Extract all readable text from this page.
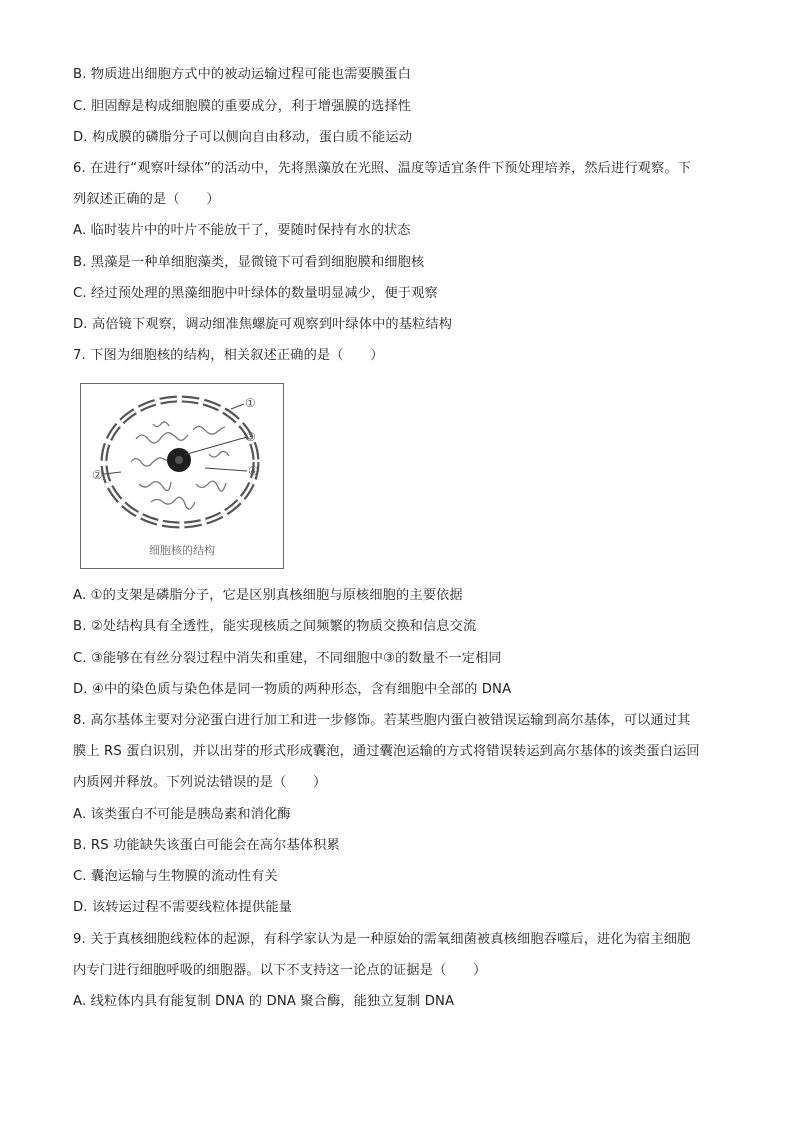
B. 物质进出细胞方式中的被动运输过程可能也需要膜蛋白
C. 胆固醇是构成细胞膜的重要成分，利于增强膜的选择性
D. 构成膜的磷脂分子可以侧向自由移动，蛋白质不能运动
6. 在进行“观察叶绿体”的活动中，先将黑藻放在光照、温度等适宜条件下预处理培养，然后进行观察。下
列叙述正确的是（　　）
A. 临时装片中的叶片不能放干了，要随时保持有水的状态
B. 黑藻是一种单细胞藻类，显微镜下可看到细胞膜和细胞核
C. 经过预处理的黑藻细胞中叶绿体的数量明显减少，便于观察
D. 高倍镜下观察，调动细准焦螺旋可观察到叶绿体中的基粒结构
7. 下图为细胞核的结构，相关叙述正确的是（　　）
①
③
④
②
细胞核的结构
A. ①的支架是磷脂分子，它是区别真核细胞与原核细胞的主要依据
B. ②处结构具有全透性，能实现核质之间频繁的物质交换和信息交流
C. ③能够在有丝分裂过程中消失和重建，不同细胞中③的数量不一定相同
D. ④中的染色质与染色体是同一物质的两种形态，含有细胞中全部的 DNA
8. 高尔基体主要对分泌蛋白进行加工和进一步修饰。若某些胞内蛋白被错误运输到高尔基体，可以通过其
膜上 RS 蛋白识别，并以出芽的形式形成囊泡，通过囊泡运输的方式将错误转运到高尔基体的该类蛋白运回
内质网并释放。下列说法错误的是（　　）
A. 该类蛋白不可能是胰岛素和消化酶
B. RS 功能缺失该蛋白可能会在高尔基体积累
C. 囊泡运输与生物膜的流动性有关
D. 该转运过程不需要线粒体提供能量
9. 关于真核细胞线粒体的起源，有科学家认为是一种原始的需氧细菌被真核细胞吞噬后，进化为宿主细胞
内专门进行细胞呼吸的细胞器。以下不支持这一论点的证据是（　　）
A. 线粒体内具有能复制 DNA 的 DNA 聚合酶，能独立复制 DNA
